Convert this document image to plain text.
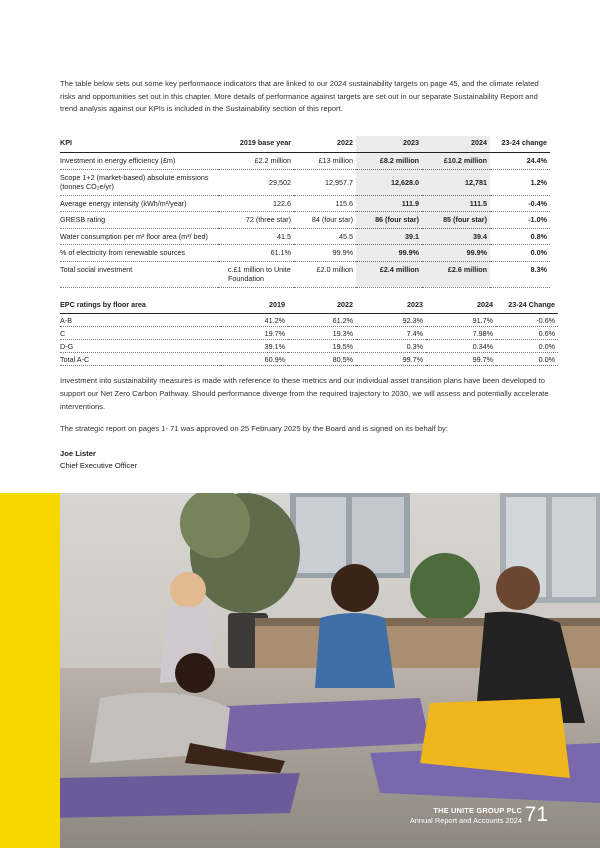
The table below sets out some key performance indicators that are linked to our 2024 sustainability targets on page 45, and the climate related risks and opportunities set out in this chapter. More details of performance against targets are set out in our separate Sustainability Report and trend analysis against our KPIs is included in the Sustainability section of this report.

KPI	2019 base year	2022	2023	2024	23-24 change
Investment in energy efficiency (£m)	£2.2 million	£13 million	£8.2 million	£10.2 million	24.4%
Scope 1+2 (market-based) absolute emissions (tonnes CO₂e/yr)	29,502	12,957.7	12,628.0	12,781	1.2%
Average energy intensity (kWh/m²/year)	122.6	115.6	111.9	111.5	-0.4%
GRESB rating	72 (three star)	84 (four star)	86 (four star)	85 (four star)	-1.0%
Water consumption per m² floor area (m³/ bed)	41.5	45.5	39.1	39.4	0.8%
% of electricity from renewable sources	61.1%	99.9%	99.9%	99.9%	0.0%
Total social investment	c.£1 million to Unite Foundation	£2.0 million	£2.4 million	£2.6 million	8.3%
EPC ratings by floor area	2019	2022	2023	2024	23-24 Change
A-B	41.2%	61.2%	92.3%	91.7%	-0.6%
C	19.7%	19.3%	7.4%	7.98%	0.6%
D-G	39.1%	19.5%	0.3%	0.34%	0.0%
Total A-C	60.9%	80.5%	99.7%	99.7%	0.0%

Investment into sustainability measures is made with reference to these metrics and our individual asset transition plans have been developed to support our Net Zero Carbon Pathway. Should performance diverge from the required trajectory to 2030, we will assess and potentially accelerate interventions.

The strategic report on pages 1- 71 was approved on 25 February 2025 by the Board and is signed on its behalf by:

Joe Lister
Chief Executive Officer
THE UNITE GROUP PLC
Annual Report and Accounts 2024 71
